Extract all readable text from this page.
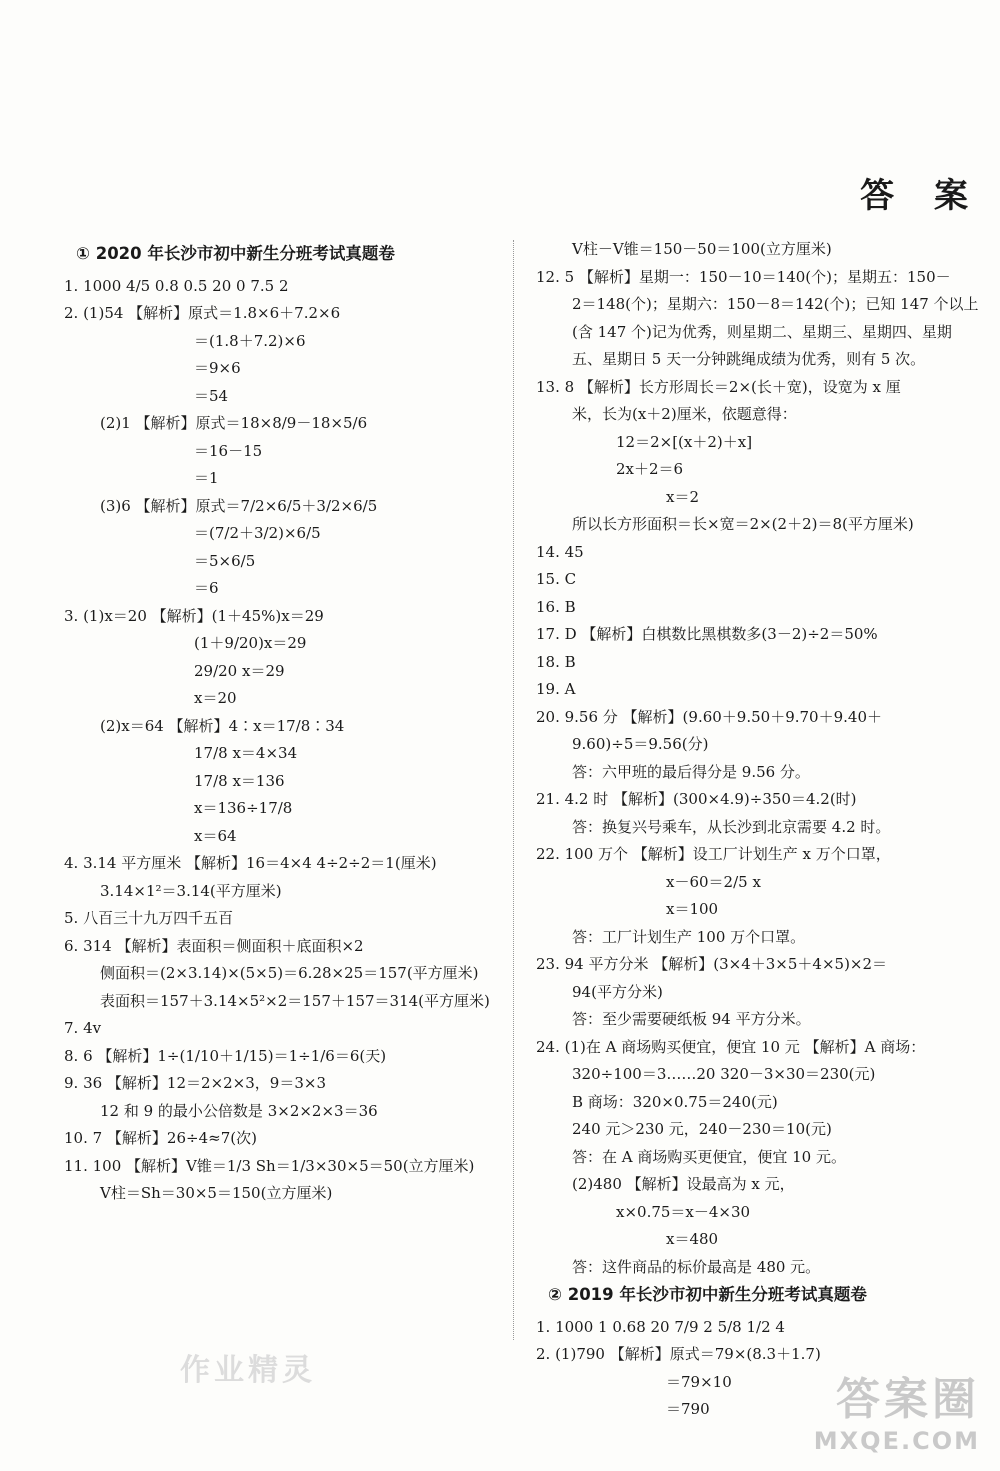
答 案
① 2020 年长沙市初中新生分班考试真题卷
1. 1000 4/5 0.8 0.5 20 0 7.5 2
2. (1)54 【解析】原式＝1.8×6＋7.2×6
＝(1.8＋7.2)×6
＝9×6
＝54
(2)1 【解析】原式＝18×8/9－18×5/6
＝16－15
＝1
(3)6 【解析】原式＝7/2×6/5＋3/2×6/5
＝(7/2＋3/2)×6/5
＝5×6/5
＝6
3. (1)x＝20 【解析】(1＋45%)x＝29
(1＋9/20)x＝29
29/20 x＝29
x＝20
(2)x＝64 【解析】4∶x＝17/8∶34
17/8 x＝4×34
17/8 x＝136
x＝136÷17/8
x＝64
4. 3.14 平方厘米 【解析】16＝4×4 4÷2÷2＝1(厘米)
3.14×1²＝3.14(平方厘米)
5. 八百三十九万四千五百
6. 314 【解析】表面积＝侧面积＋底面积×2
侧面积＝(2×3.14)×(5×5)＝6.28×25＝157(平方厘米)
表面积＝157＋3.14×5²×2＝157＋157＝314(平方厘米)
7. 4v
8. 6 【解析】1÷(1/10＋1/15)＝1÷1/6＝6(天)
9. 36 【解析】12＝2×2×3，9＝3×3
12 和 9 的最小公倍数是 3×2×2×3＝36
10. 7 【解析】26÷4≈7(次)
11. 100 【解析】V锥＝1/3 Sh＝1/3×30×5＝50(立方厘米)
V柱＝Sh＝30×5＝150(立方厘米)
V柱－V锥＝150－50＝100(立方厘米)
12. 5 【解析】星期一：150－10＝140(个)；星期五：150－
2＝148(个)；星期六：150－8＝142(个)；已知 147 个以上
(含 147 个)记为优秀，则星期二、星期三、星期四、星期
五、星期日 5 天一分钟跳绳成绩为优秀，则有 5 次。
13. 8 【解析】长方形周长＝2×(长＋宽)，设宽为 x 厘
米，长为(x＋2)厘米，依题意得：
12＝2×[(x＋2)＋x]
2x＋2＝6
x＝2
所以长方形面积＝长×宽＝2×(2＋2)＝8(平方厘米)
14. 45
15. C
16. B
17. D 【解析】白棋数比黑棋数多(3－2)÷2＝50%
18. B
19. A
20. 9.56 分 【解析】(9.60＋9.50＋9.70＋9.40＋
9.60)÷5＝9.56(分)
答：六甲班的最后得分是 9.56 分。
21. 4.2 时 【解析】(300×4.9)÷350＝4.2(时)
答：换复兴号乘车，从长沙到北京需要 4.2 时。
22. 100 万个 【解析】设工厂计划生产 x 万个口罩，
x－60＝2/5 x
x＝100
答：工厂计划生产 100 万个口罩。
23. 94 平方分米 【解析】(3×4＋3×5＋4×5)×2＝
94(平方分米)
答：至少需要硬纸板 94 平方分米。
24. (1)在 A 商场购买便宜，便宜 10 元 【解析】A 商场：
320÷100＝3……20 320－3×30＝230(元)
B 商场：320×0.75＝240(元)
240 元＞230 元，240－230＝10(元)
答：在 A 商场购买更便宜，便宜 10 元。
(2)480 【解析】设最高为 x 元，
x×0.75＝x－4×30
x＝480
答：这件商品的标价最高是 480 元。
② 2019 年长沙市初中新生分班考试真题卷
1. 1000 1 0.68 20 7/9 2 5/8 1/2 4
2. (1)790 【解析】原式＝79×(8.3＋1.7)
＝79×10
＝790
作业精灵
答案圈
MXQE.COM
